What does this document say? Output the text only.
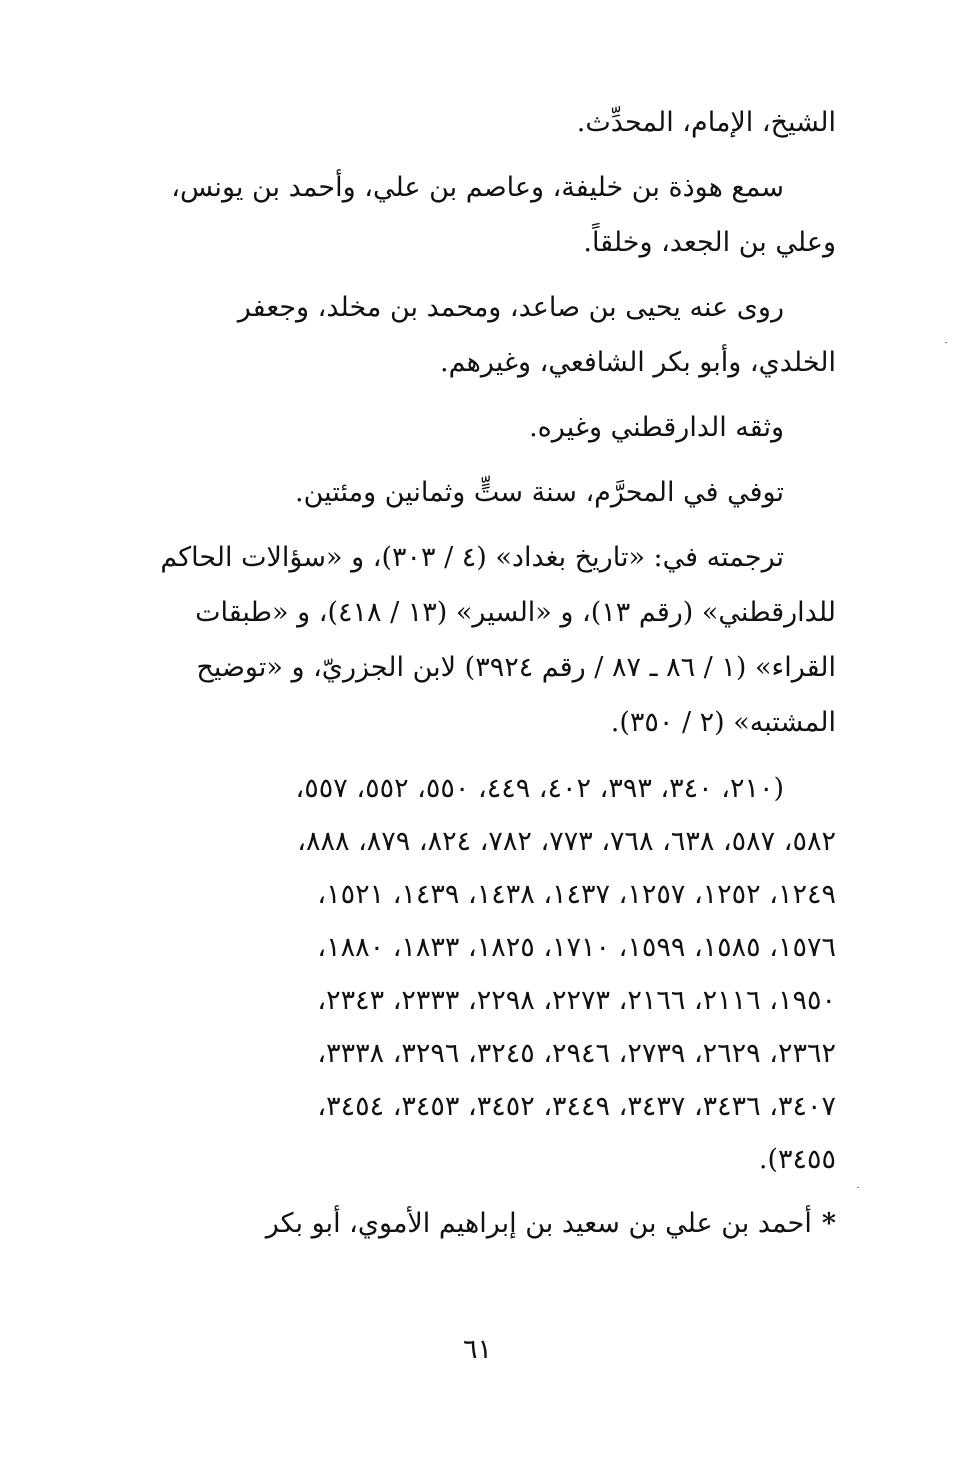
الشيخ، الإمام، المحدِّث.
سمع هوذة بن خليفة، وعاصم بن علي، وأحمد بن يونس،
وعلي بن الجعد، وخلقاً.
روى عنه يحيى بن صاعد، ومحمد بن مخلد، وجعفر
الخلدي، وأبو بكر الشافعي، وغيرهم.
وثقه الدارقطني وغيره.
توفي في المحرَّم، سنة ستٍّ وثمانين ومئتين.
ترجمته في: «تاريخ بغداد» (٤ / ٣٠٣)، و «سؤالات الحاكم
للدارقطني» (رقم ١٣)، و «السير» (١٣ / ٤١٨)، و «طبقات
القراء» (١ / ٨٦ ـ ٨٧ / رقم ٣٩٢٤) لابن الجزريّ، و «توضيح
المشتبه» (٢ / ٣٥٠).
(٢١٠، ٣٤٠، ٣٩٣، ٤٠٢، ٤٤٩، ٥٥٠، ٥٥٢، ٥٥٧،
٥٨٢، ٥٨٧، ٦٣٨، ٧٦٨، ٧٧٣، ٧٨٢، ٨٢٤، ٨٧٩، ٨٨٨،
١٢٤٩، ١٢٥٢، ١٢٥٧، ١٤٣٧، ١٤٣٨، ١٤٣٩، ١٥٢١،
١٥٧٦، ١٥٨٥، ١٥٩٩، ١٧١٠، ١٨٢٥، ١٨٣٣، ١٨٨٠،
١٩٥٠، ٢١١٦، ٢١٦٦، ٢٢٧٣، ٢٢٩٨، ٢٣٣٣، ٢٣٤٣،
٢٣٦٢، ٢٦٢٩، ٢٧٣٩، ٢٩٤٦، ٣٢٤٥، ٣٢٩٦، ٣٣٣٨،
٣٤٠٧، ٣٤٣٦، ٣٤٣٧، ٣٤٤٩، ٣٤٥٢، ٣٤٥٣، ٣٤٥٤،
٣٤٥٥).
*أحمد بن علي بن سعيد بن إبراهيم الأموي، أبو بكر
٦١
